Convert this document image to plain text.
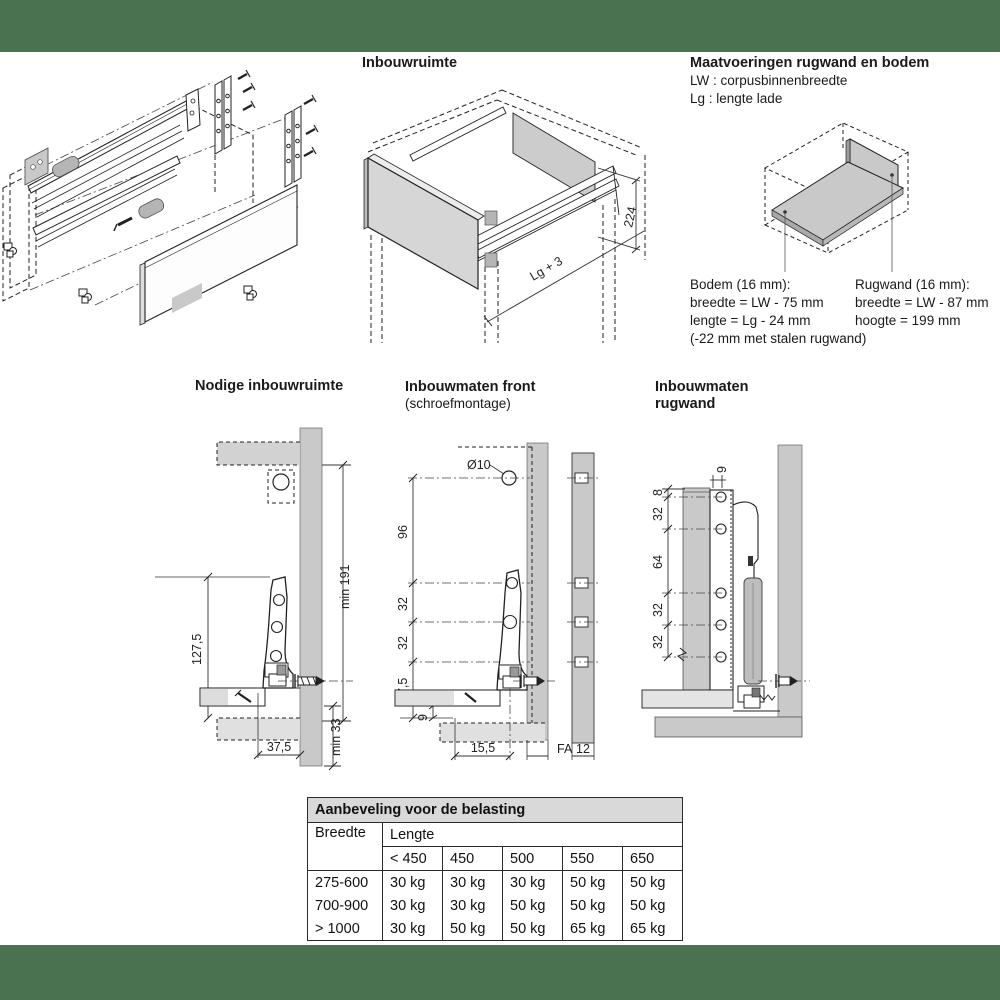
Inbouwruimte	Maatvoeringen rugwand en bodem
LW : corpusbinnenbreedte
Lg : lengte lade
Bodem (16 mm):
breedte = LW - 75 mm
lengte = Lg - 24 mm
(-22 mm met stalen rugwand)
Rugwand (16 mm):
breedte = LW - 87 mm
hoogte = 199 mm
Nodige inbouwruimte	Inbouwmaten front
(schroefmontage)
Inbouwmaten
rugwand
224
Lg + 3
min 191
127,5
min 33
37,5
Ø10
96
32
32
9
15,5	FA 12
9
8
32
64
32
32
Aanbeveling voor de belasting					
Breedte	Lengte				
	< 450	450	500	550	650
275-600	30 kg	30 kg	30 kg	50 kg	50 kg
700-900	30 kg	30 kg	50 kg	50 kg	50 kg
> 1000	30 kg	50 kg	50 kg	65 kg	65 kg
